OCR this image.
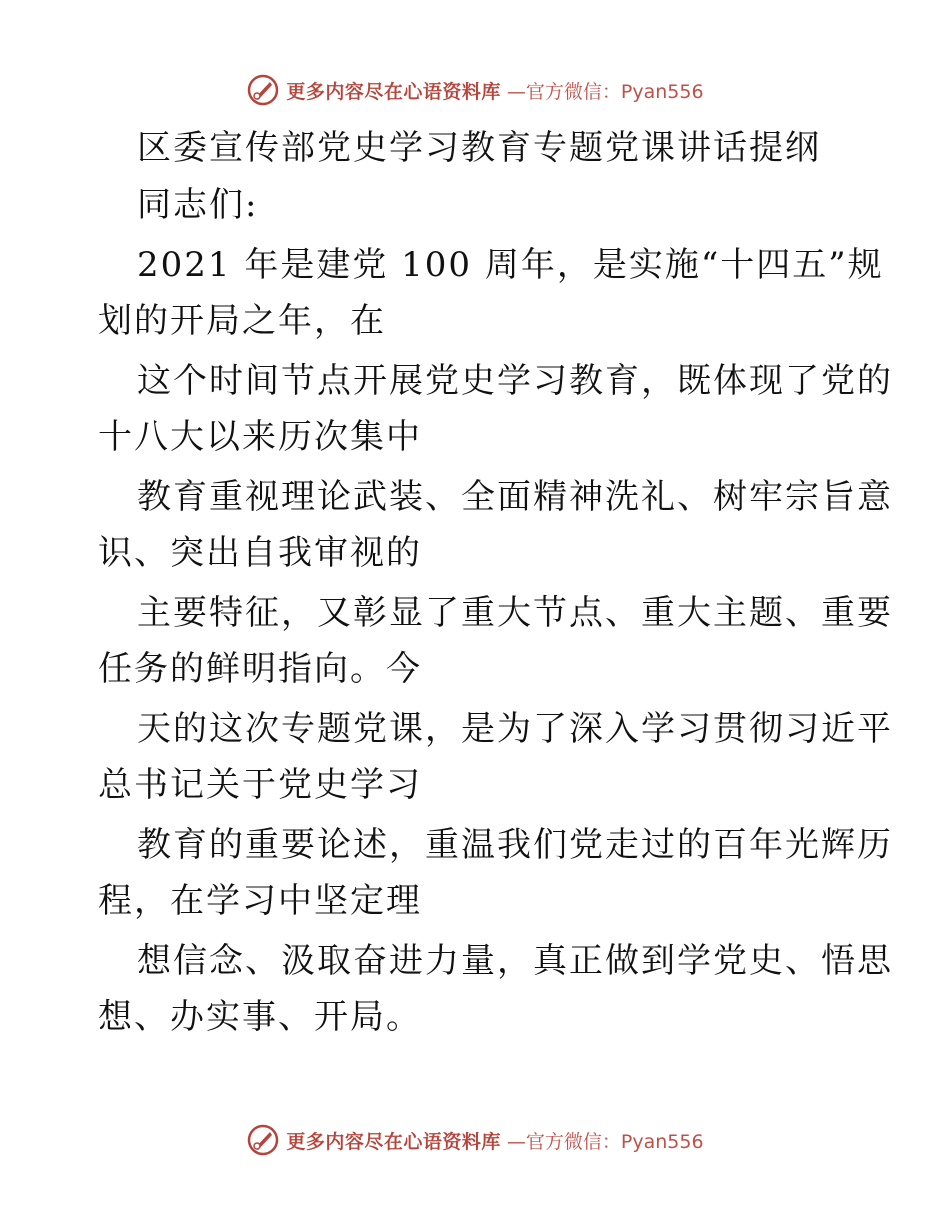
更多内容尽在心语资料库 —官方微信：Pyan556
区委宣传部党史学习教育专题党课讲话提纲
同志们:
2021 年是建党 100 周年，是实施“十四五”规
划的开局之年，在
这个时间节点开展党史学习教育，既体现了党的
十八大以来历次集中
教育重视理论武装、全面精神洗礼、树牢宗旨意
识、突出自我审视的
主要特征，又彰显了重大节点、重大主题、重要
任务的鲜明指向。今
天的这次专题党课，是为了深入学习贯彻习近平
总书记关于党史学习
教育的重要论述，重温我们党走过的百年光辉历
程，在学习中坚定理
想信念、汲取奋进力量，真正做到学党史、悟思
想、办实事、开局。
更多内容尽在心语资料库 —官方微信：Pyan556
